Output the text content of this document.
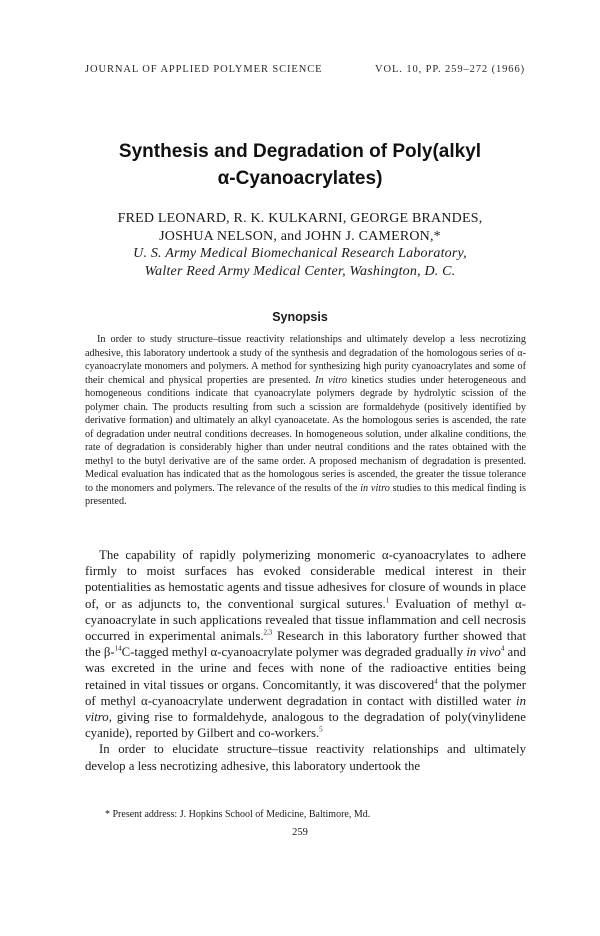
JOURNAL OF APPLIED POLYMER SCIENCE	VOL. 10, PP. 259–272 (1966)
Synthesis and Degradation of Poly(alkyl
α-Cyanoacrylates)
FRED LEONARD, R. K. KULKARNI, GEORGE BRANDES,
JOSHUA NELSON, and JOHN J. CAMERON,*
U. S. Army Medical Biomechanical Research Laboratory,
Walter Reed Army Medical Center, Washington, D. C.
Synopsis
In order to study structure–tissue reactivity relationships and ultimately develop a less necrotizing adhesive, this laboratory undertook a study of the synthesis and degradation of the homologous series of α-cyanoacrylate monomers and polymers. A method for synthesizing high purity cyanoacrylates and some of their chemical and physical properties are presented. In vitro kinetics studies under heterogeneous and homogeneous conditions indicate that cyanoacrylate polymers degrade by hydrolytic scission of the polymer chain. The products resulting from such a scission are formaldehyde (positively identified by derivative formation) and ultimately an alkyl cyanoacetate. As the homologous series is ascended, the rate of degradation under neutral conditions decreases. In homogeneous solution, under alkaline conditions, the rate of degradation is considerably higher than under neutral conditions and the rates obtained with the methyl to the butyl derivative are of the same order. A proposed mechanism of degradation is presented. Medical evaluation has indicated that as the homologous series is ascended, the greater the tissue tolerance to the monomers and polymers. The relevance of the results of the in vitro studies to this medical finding is presented.

The capability of rapidly polymerizing monomeric α-cyanoacrylates to adhere firmly to moist surfaces has evoked considerable medical interest in their potentialities as hemostatic agents and tissue adhesives for closure of wounds in place of, or as adjuncts to, the conventional surgical sutures.$^1$ Evaluation of methyl α-cyanoacrylate in such applications revealed that tissue inflammation and cell necrosis occurred in experimental animals.$^{2,3}$ Research in this laboratory further showed that the β-$^{14}$C-tagged methyl α-cyanoacrylate polymer was degraded gradually in vivo$^4$ and was excreted in the urine and feces with none of the radioactive entities being retained in vital tissues or organs. Concomitantly, it was discovered$^4$ that the polymer of methyl α-cyanoacrylate underwent degradation in contact with distilled water in vitro, giving rise to formaldehyde, analogous to the degradation of poly(vinylidene cyanide), reported by Gilbert and co-workers.$^5$

In order to elucidate structure–tissue reactivity relationships and ultimately develop a less necrotizing adhesive, this laboratory undertook the

* Present address: J. Hopkins School of Medicine, Baltimore, Md.
259
